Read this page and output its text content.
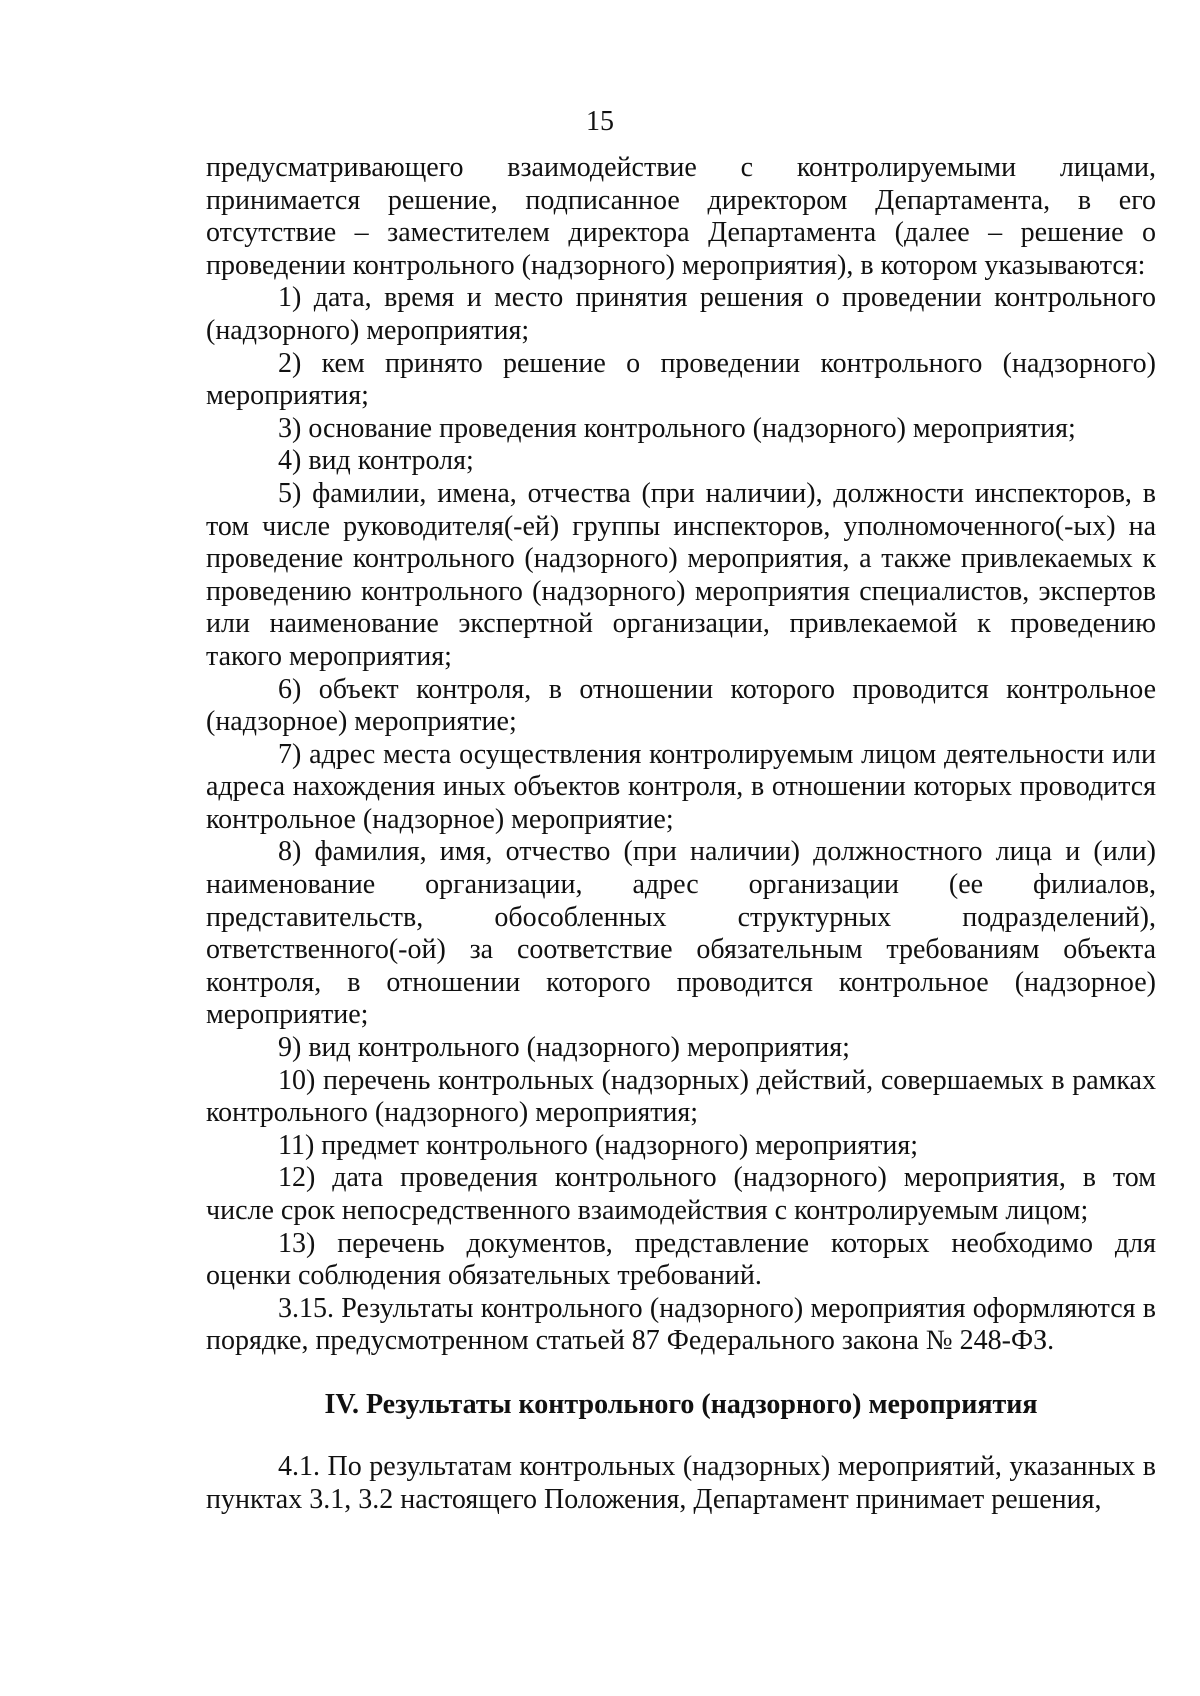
15

предусматривающего взаимодействие с контролируемыми лицами, принимается решение, подписанное директором Департамента, в его отсутствие – заместителем директора Департамента (далее – решение о проведении контрольного (надзорного) мероприятия), в котором указываются:

1) дата, время и место принятия решения о проведении контрольного (надзорного) мероприятия;

2) кем принято решение о проведении контрольного (надзорного) мероприятия;

3) основание проведения контрольного (надзорного) мероприятия;

4) вид контроля;

5) фамилии, имена, отчества (при наличии), должности инспекторов, в том числе руководителя(-ей) группы инспекторов, уполномоченного(-ых) на проведение контрольного (надзорного) мероприятия, а также привлекаемых к проведению контрольного (надзорного) мероприятия специалистов, экспертов или наименование экспертной организации, привлекаемой к проведению такого мероприятия;

6) объект контроля, в отношении которого проводится контрольное (надзорное) мероприятие;

7) адрес места осуществления контролируемым лицом деятельности или адреса нахождения иных объектов контроля, в отношении которых проводится контрольное (надзорное) мероприятие;

8) фамилия, имя, отчество (при наличии) должностного лица и (или) наименование организации, адрес организации (ее филиалов, представительств, обособленных структурных подразделений), ответственного(-ой) за соответствие обязательным требованиям объекта контроля, в отношении которого проводится контрольное (надзорное) мероприятие;

9) вид контрольного (надзорного) мероприятия;

10) перечень контрольных (надзорных) действий, совершаемых в рамках контрольного (надзорного) мероприятия;

11) предмет контрольного (надзорного) мероприятия;

12) дата проведения контрольного (надзорного) мероприятия, в том числе срок непосредственного взаимодействия с контролируемым лицом;

13) перечень документов, представление которых необходимо для оценки соблюдения обязательных требований.

3.15. Результаты контрольного (надзорного) мероприятия оформляются в порядке, предусмотренном статьей 87 Федерального закона № 248-ФЗ.

IV. Результаты контрольного (надзорного) мероприятия

4.1. По результатам контрольных (надзорных) мероприятий, указанных в пунктах 3.1, 3.2 настоящего Положения, Департамент принимает решения,
